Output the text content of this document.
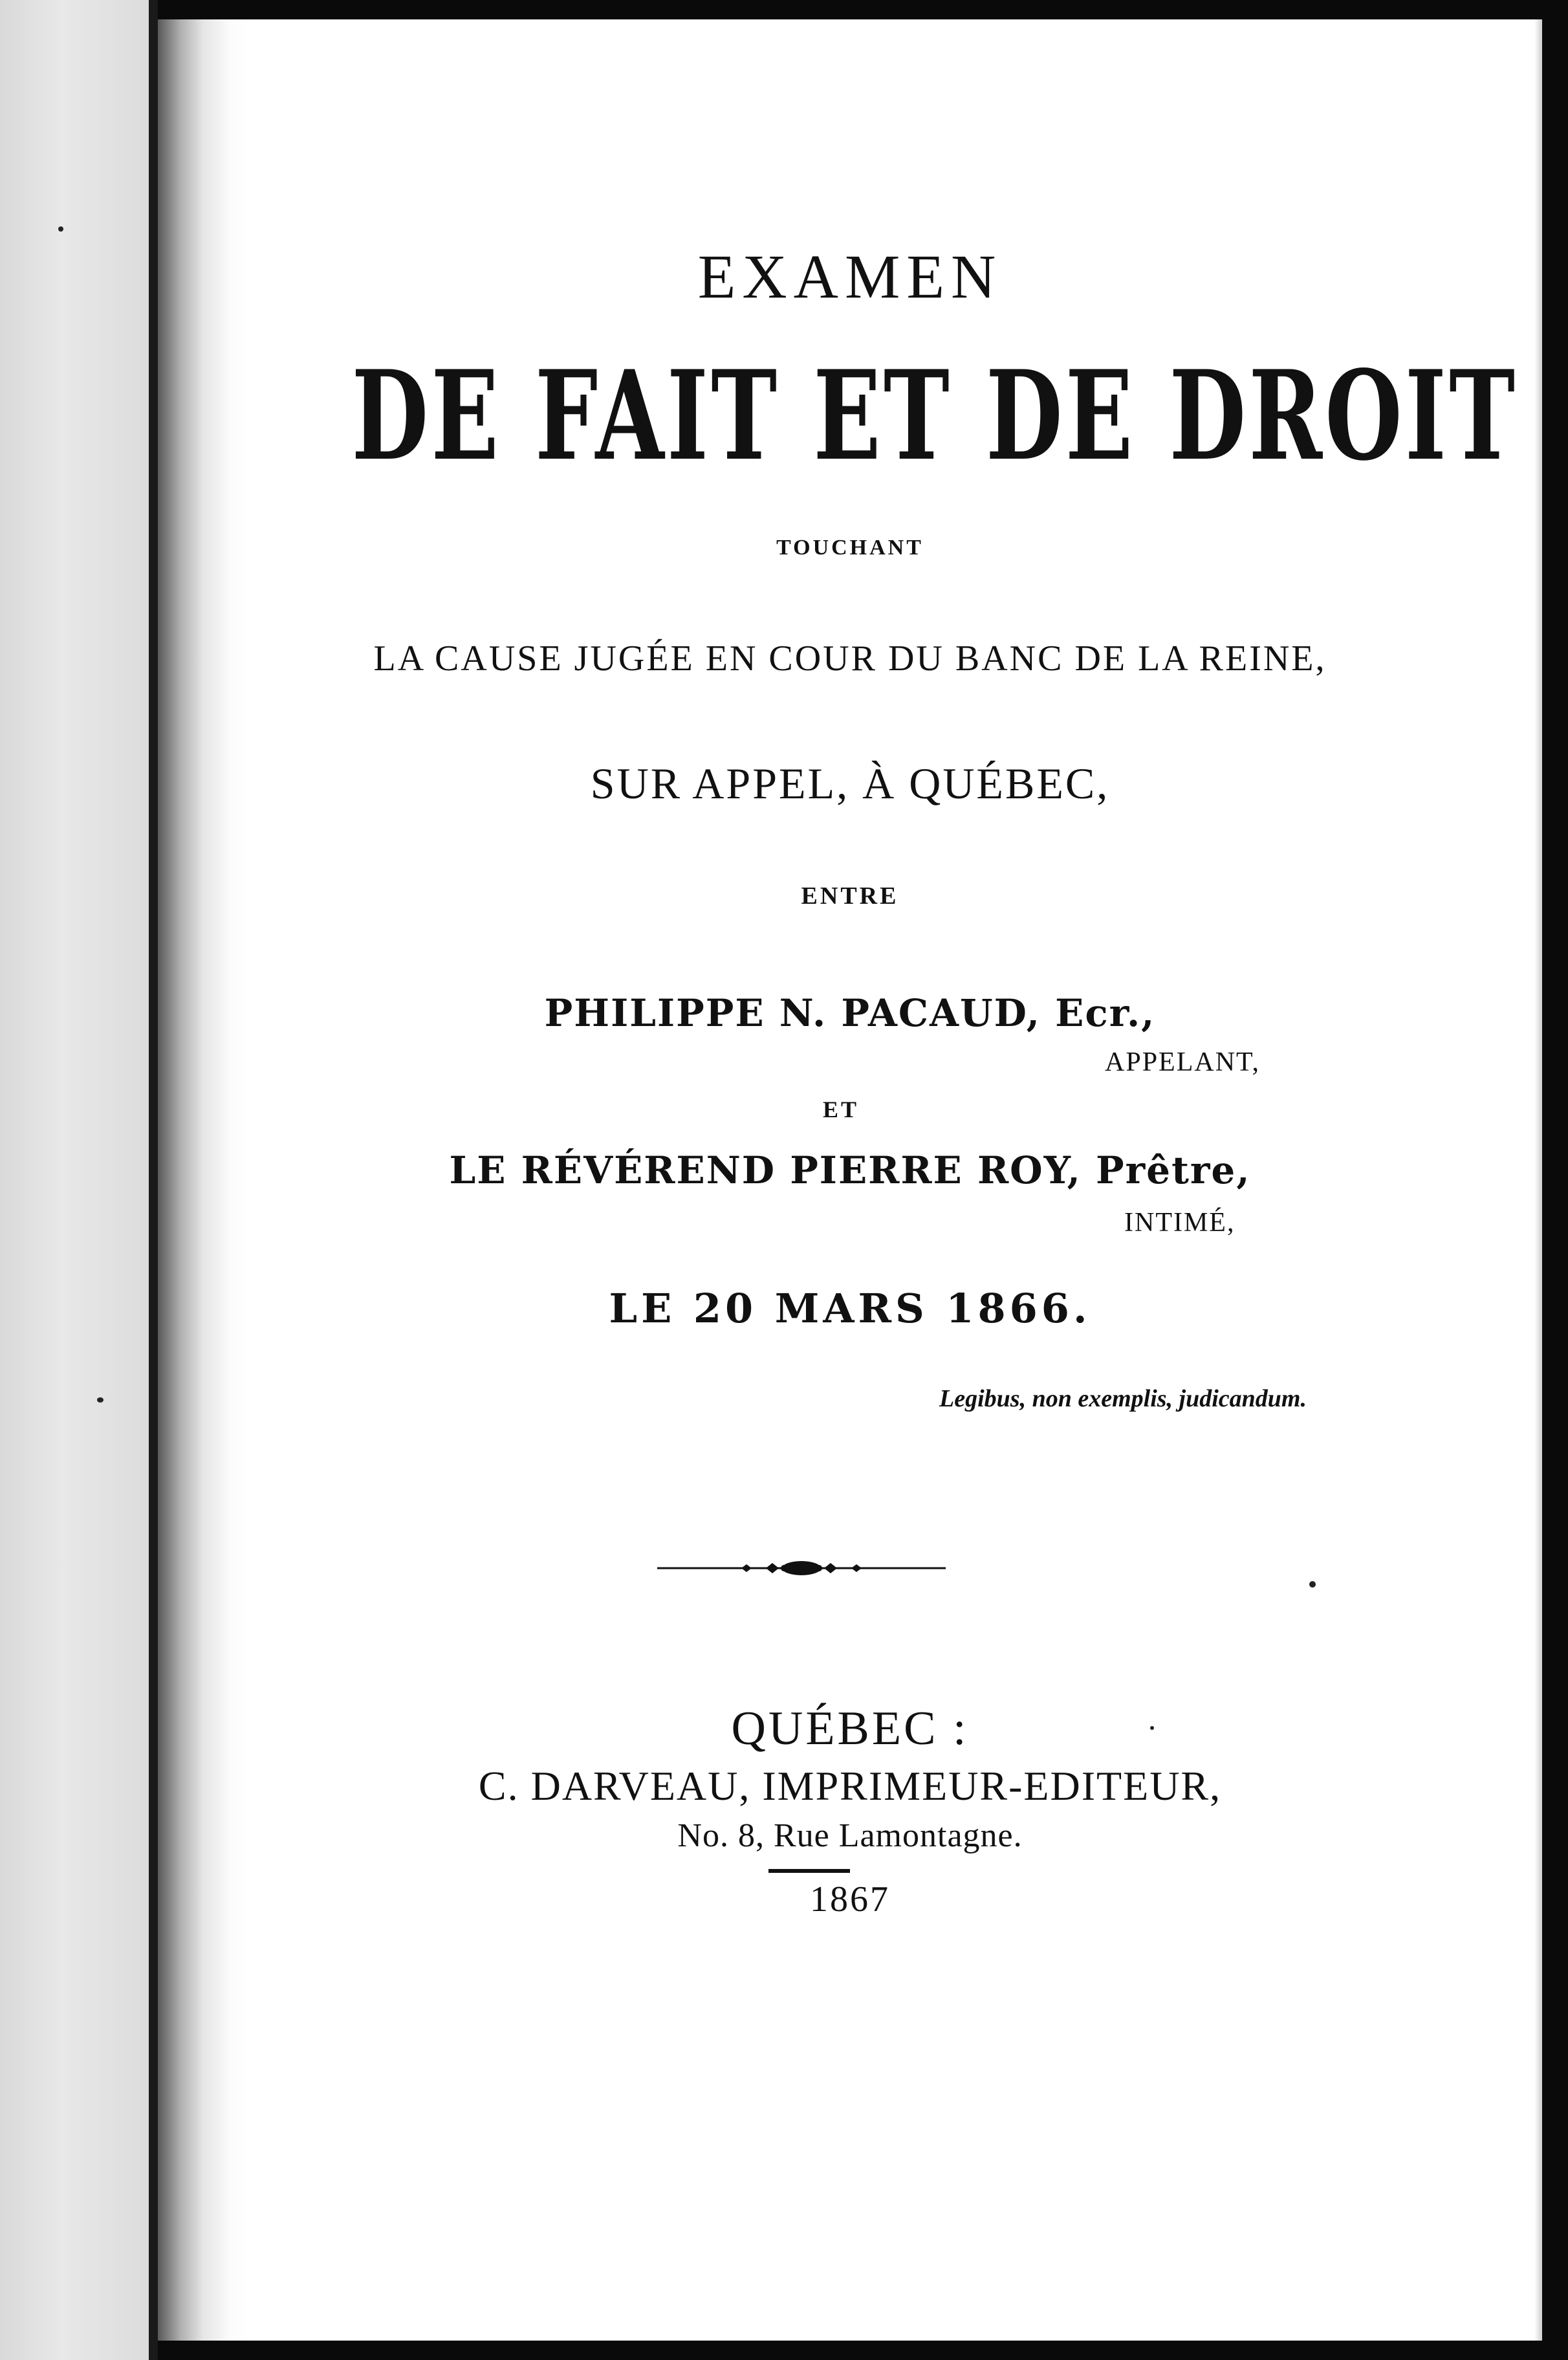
EXAMEN
DE FAIT ET DE DROIT

TOUCHANT

LA CAUSE JUGÉE EN COUR DU BANC DE LA REINE,

SUR APPEL, À QUÉBEC,

ENTRE

PHILIPPE N. PACAUD, Ecr.,

APPELANT,

ET

LE RÉVÉREND PIERRE ROY, Prêtre,

INTIMÉ,

LE 20 MARS 1866.

Legibus, non exemplis, judicandum.

QUÉBEC :

C. DARVEAU, IMPRIMEUR-EDITEUR,

No. 8, Rue Lamontagne.

1867
